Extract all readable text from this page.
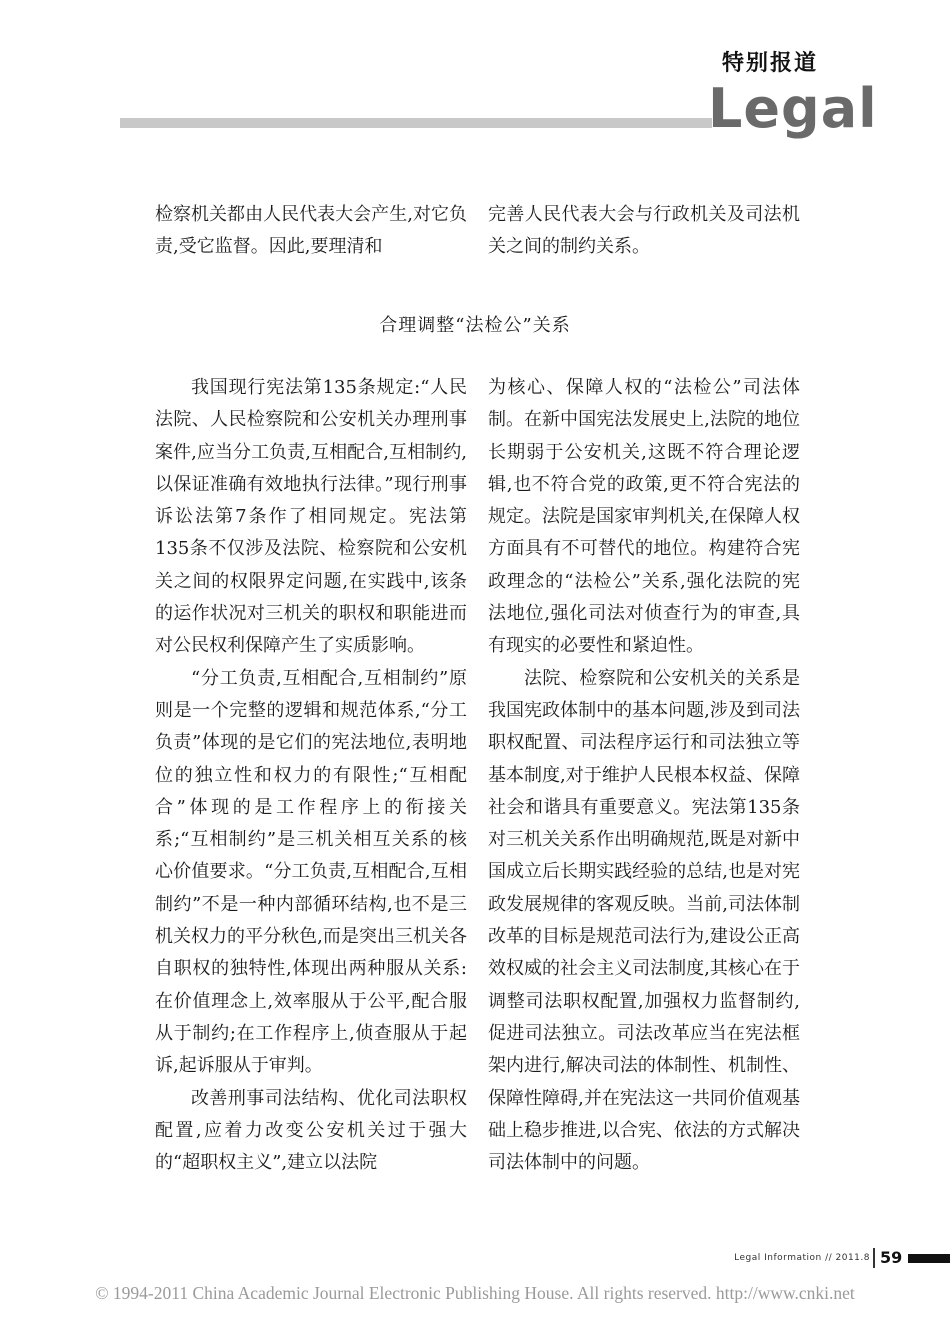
特别报道
Legal

检察机关都由人民代表大会产生,对它负责,受它监督。因此,要理清和

完善人民代表大会与行政机关及司法机关之间的制约关系。

合理调整“法检公”关系

我国现行宪法第135条规定:“人民法院、人民检察院和公安机关办理刑事案件,应当分工负责,互相配合,互相制约,以保证准确有效地执行法律。”现行刑事诉讼法第7条作了相同规定。宪法第135条不仅涉及法院、检察院和公安机关之间的权限界定问题,在实践中,该条的运作状况对三机关的职权和职能进而对公民权利保障产生了实质影响。

“分工负责,互相配合,互相制约”原则是一个完整的逻辑和规范体系,“分工负责”体现的是它们的宪法地位,表明地位的独立性和权力的有限性;“互相配合”体现的是工作程序上的衔接关系;“互相制约”是三机关相互关系的核心价值要求。“分工负责,互相配合,互相制约”不是一种内部循环结构,也不是三机关权力的平分秋色,而是突出三机关各自职权的独特性,体现出两种服从关系:在价值理念上,效率服从于公平,配合服从于制约;在工作程序上,侦查服从于起诉,起诉服从于审判。

改善刑事司法结构、优化司法职权配置,应着力改变公安机关过于强大的“超职权主义”,建立以法院

为核心、保障人权的“法检公”司法体制。在新中国宪法发展史上,法院的地位长期弱于公安机关,这既不符合理论逻辑,也不符合党的政策,更不符合宪法的规定。法院是国家审判机关,在保障人权方面具有不可替代的地位。构建符合宪政理念的“法检公”关系,强化法院的宪法地位,强化司法对侦查行为的审查,具有现实的必要性和紧迫性。

法院、检察院和公安机关的关系是我国宪政体制中的基本问题,涉及到司法职权配置、司法程序运行和司法独立等基本制度,对于维护人民根本权益、保障社会和谐具有重要意义。宪法第135条对三机关关系作出明确规范,既是对新中国成立后长期实践经验的总结,也是对宪政发展规律的客观反映。当前,司法体制改革的目标是规范司法行为,建设公正高效权威的社会主义司法制度,其核心在于调整司法职权配置,加强权力监督制约,促进司法独立。司法改革应当在宪法框架内进行,解决司法的体制性、机制性、保障性障碍,并在宪法这一共同价值观基础上稳步推进,以合宪、依法的方式解决司法体制中的问题。

Legal Information // 2011.8 59
© 1994-2011 China Academic Journal Electronic Publishing House. All rights reserved. http://www.cnki.net
